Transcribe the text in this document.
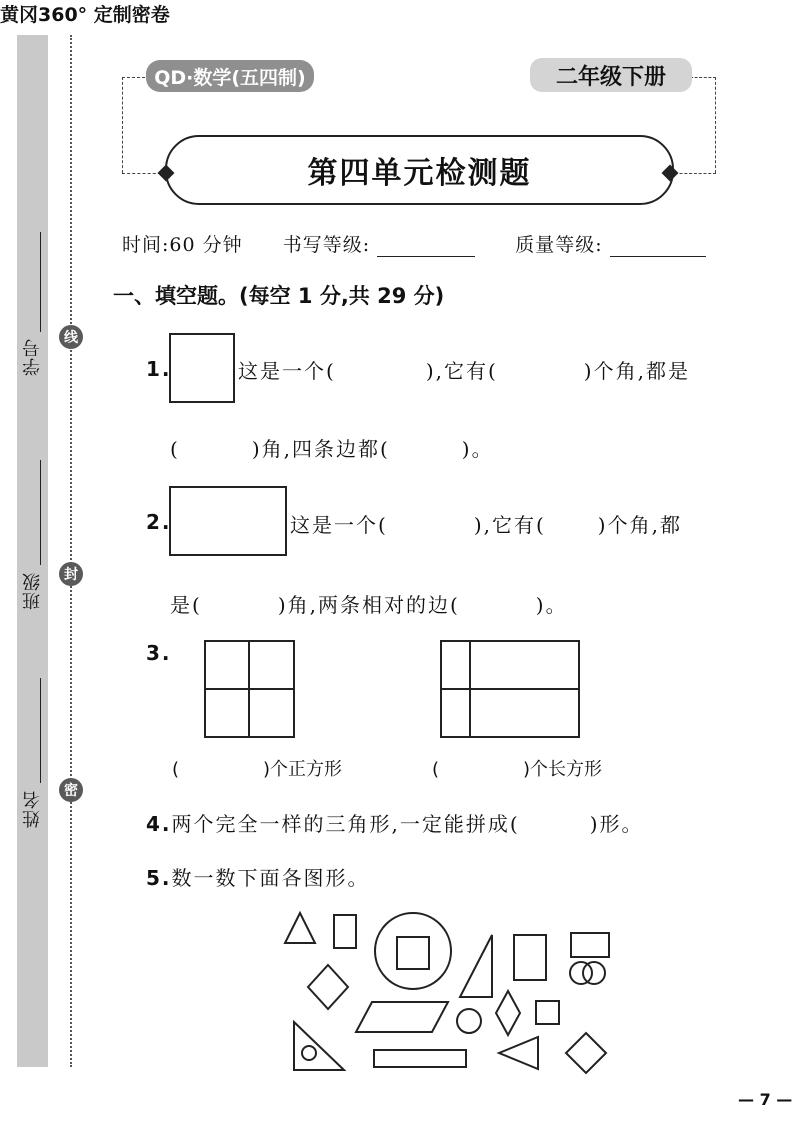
学号
班级
姓名
线
封
密
QD·数学(五四制)
黄冈360° 定制密卷
二年级下册
第四单元检测题
时间:60 分钟 书写等级:	质量等级:
一、填空题。(每空 1 分,共 29 分)
1.	这是一个(	),它有(	)个角,都是
(	)角,四条边都(	)。
2.	这是一个(	),它有(	)个角,都
是(	)角,两条相对的边(	)。
3.
(	)个正方形	(	)个长方形
4.两个完全一样的三角形,一定能拼成(	)形。
5.数一数下面各图形。
— 7 —
